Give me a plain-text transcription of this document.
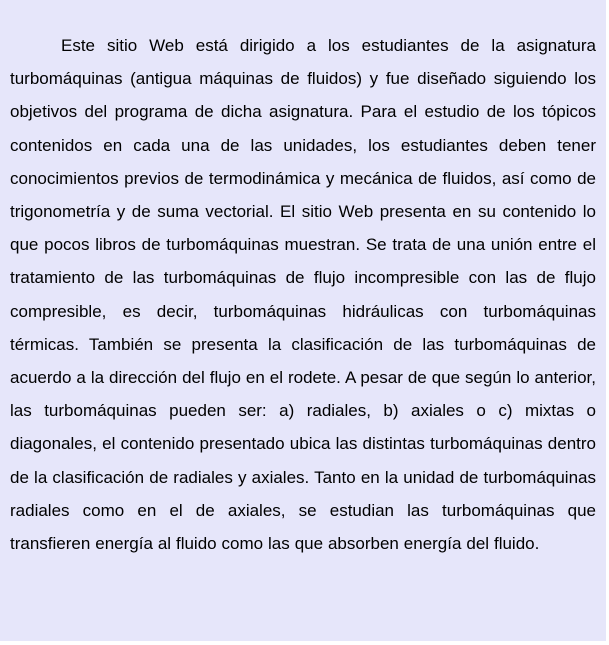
Este sitio Web está dirigido a los estudiantes de la asignatura turbomáquinas (antigua máquinas de fluidos) y fue diseñado siguiendo los objetivos del programa de dicha asignatura. Para el estudio de los tópicos contenidos en cada una de las unidades, los estudiantes deben tener conocimientos previos de termodinámica y mecánica de fluidos, así como de trigonometría y de suma vectorial. El sitio Web presenta en su contenido lo que pocos libros de turbomáquinas muestran. Se trata de una unión entre el tratamiento de las turbomáquinas de flujo incompresible con las de flujo compresible, es decir, turbomáquinas hidráulicas con turbomáquinas térmicas. También se presenta la clasificación de las turbomáquinas de acuerdo a la dirección del flujo en el rodete. A pesar de que según lo anterior, las turbomáquinas pueden ser: a) radiales, b) axiales o c) mixtas o diagonales, el contenido presentado ubica las distintas turbomáquinas dentro de la clasificación de radiales y axiales. Tanto en la unidad de turbomáquinas radiales como en el de axiales, se estudian las turbomáquinas que transfieren energía al fluido como las que absorben energía del fluido.
